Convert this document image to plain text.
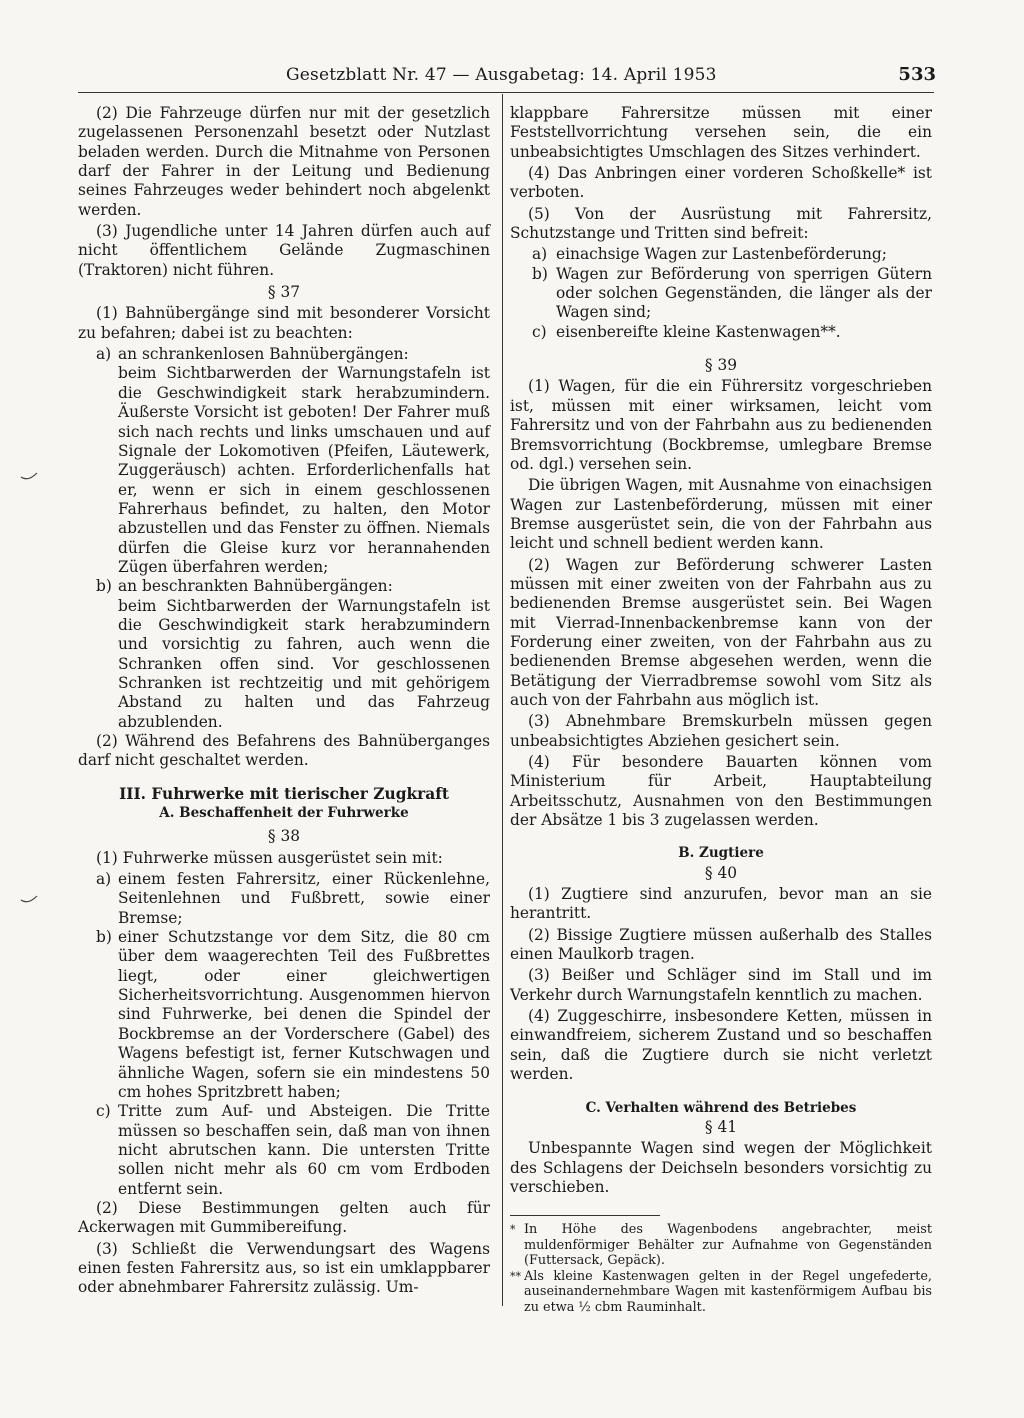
Gesetzblatt Nr. 47 — Ausgabetag: 14. April 1953	533

(2) Die Fahrzeuge dürfen nur mit der gesetzlich zugelassenen Personenzahl besetzt oder Nutzlast beladen werden. Durch die Mitnahme von Personen darf der Fahrer in der Leitung und Bedienung seines Fahrzeuges weder behindert noch abgelenkt werden.

(3) Jugendliche unter 14 Jahren dürfen auch auf nicht öffentlichem Gelände Zugmaschinen (Traktoren) nicht führen.

§ 37

(1) Bahnübergänge sind mit besonderer Vorsicht zu befahren; dabei ist zu beachten:

a) an schrankenlosen Bahnübergängen:
beim Sichtbarwerden der Warnungstafeln ist die Geschwindigkeit stark herabzumindern. Äußerste Vorsicht ist geboten! Der Fahrer muß sich nach rechts und links umschauen und auf Signale der Lokomotiven (Pfeifen, Läutewerk, Zuggeräusch) achten. Erforderlichenfalls hat er, wenn er sich in einem geschlossenen Fahrerhaus befindet, zu halten, den Motor abzustellen und das Fenster zu öffnen. Niemals dürfen die Gleise kurz vor herannahenden Zügen überfahren werden;
b) an beschrankten Bahnübergängen:
beim Sichtbarwerden der Warnungstafeln ist die Geschwindigkeit stark herabzumindern und vorsichtig zu fahren, auch wenn die Schranken offen sind. Vor geschlossenen Schranken ist rechtzeitig und mit gehörigem Abstand zu halten und das Fahrzeug abzublenden.

(2) Während des Befahrens des Bahnüberganges darf nicht geschaltet werden.

III. Fuhrwerke mit tierischer Zugkraft
A. Beschaffenheit der Fuhrwerke
§ 38

(1) Fuhrwerke müssen ausgerüstet sein mit:

a) einem festen Fahrersitz, einer Rückenlehne, Seitenlehnen und Fußbrett, sowie einer Bremse;
b) einer Schutzstange vor dem Sitz, die 80 cm über dem waagerechten Teil des Fußbrettes liegt, oder einer gleichwertigen Sicherheitsvorrichtung. Ausgenommen hiervon sind Fuhrwerke, bei denen die Spindel der Bockbremse an der Vorderschere (Gabel) des Wagens befestigt ist, ferner Kutschwagen und ähnliche Wagen, sofern sie ein mindestens 50 cm hohes Spritzbrett haben;
c) Tritte zum Auf- und Absteigen. Die Tritte müssen so beschaffen sein, daß man von ihnen nicht abrutschen kann. Die untersten Tritte sollen nicht mehr als 60 cm vom Erdboden entfernt sein.

(2) Diese Bestimmungen gelten auch für Ackerwagen mit Gummibereifung.

(3) Schließt die Verwendungsart des Wagens einen festen Fahrersitz aus, so ist ein umklappbarer oder abnehmbarer Fahrersitz zulässig. Um-

klappbare Fahrersitze müssen mit einer Feststellvorrichtung versehen sein, die ein unbeabsichtigtes Umschlagen des Sitzes verhindert.

(4) Das Anbringen einer vorderen Schoßkelle* ist verboten.

(5) Von der Ausrüstung mit Fahrersitz, Schutzstange und Tritten sind befreit:

a) einachsige Wagen zur Lastenbeförderung;
b) Wagen zur Beförderung von sperrigen Gütern oder solchen Gegenständen, die länger als der Wagen sind;
c) eisenbereifte kleine Kastenwagen**.
§ 39

(1) Wagen, für die ein Führersitz vorgeschrieben ist, müssen mit einer wirksamen, leicht vom Fahrersitz und von der Fahrbahn aus zu bedienenden Bremsvorrichtung (Bockbremse, umlegbare Bremse od. dgl.) versehen sein.

Die übrigen Wagen, mit Ausnahme von einachsigen Wagen zur Lastenbeförderung, müssen mit einer Bremse ausgerüstet sein, die von der Fahrbahn aus leicht und schnell bedient werden kann.

(2) Wagen zur Beförderung schwerer Lasten müssen mit einer zweiten von der Fahrbahn aus zu bedienenden Bremse ausgerüstet sein. Bei Wagen mit Vierrad-Innenbackenbremse kann von der Forderung einer zweiten, von der Fahrbahn aus zu bedienenden Bremse abgesehen werden, wenn die Betätigung der Vierradbremse sowohl vom Sitz als auch von der Fahrbahn aus möglich ist.

(3) Abnehmbare Bremskurbeln müssen gegen unbeabsichtigtes Abziehen gesichert sein.

(4) Für besondere Bauarten können vom Ministerium für Arbeit, Hauptabteilung Arbeitsschutz, Ausnahmen von den Bestimmungen der Absätze 1 bis 3 zugelassen werden.

B. Zugtiere
§ 40

(1) Zugtiere sind anzurufen, bevor man an sie herantritt.

(2) Bissige Zugtiere müssen außerhalb des Stalles einen Maulkorb tragen.

(3) Beißer und Schläger sind im Stall und im Verkehr durch Warnungstafeln kenntlich zu machen.

(4) Zuggeschirre, insbesondere Ketten, müssen in einwandfreiem, sicherem Zustand und so beschaffen sein, daß die Zugtiere durch sie nicht verletzt werden.

C. Verhalten während des Betriebes
§ 41

Unbespannte Wagen sind wegen der Möglichkeit des Schlagens der Deichseln besonders vorsichtig zu verschieben.

* In Höhe des Wagenbodens angebrachter, meist muldenförmiger Behälter zur Aufnahme von Gegenständen (Futtersack, Gepäck).
** Als kleine Kastenwagen gelten in der Regel ungefederte, auseinandernehmbare Wagen mit kastenförmigem Aufbau bis zu etwa ½ cbm Rauminhalt.
